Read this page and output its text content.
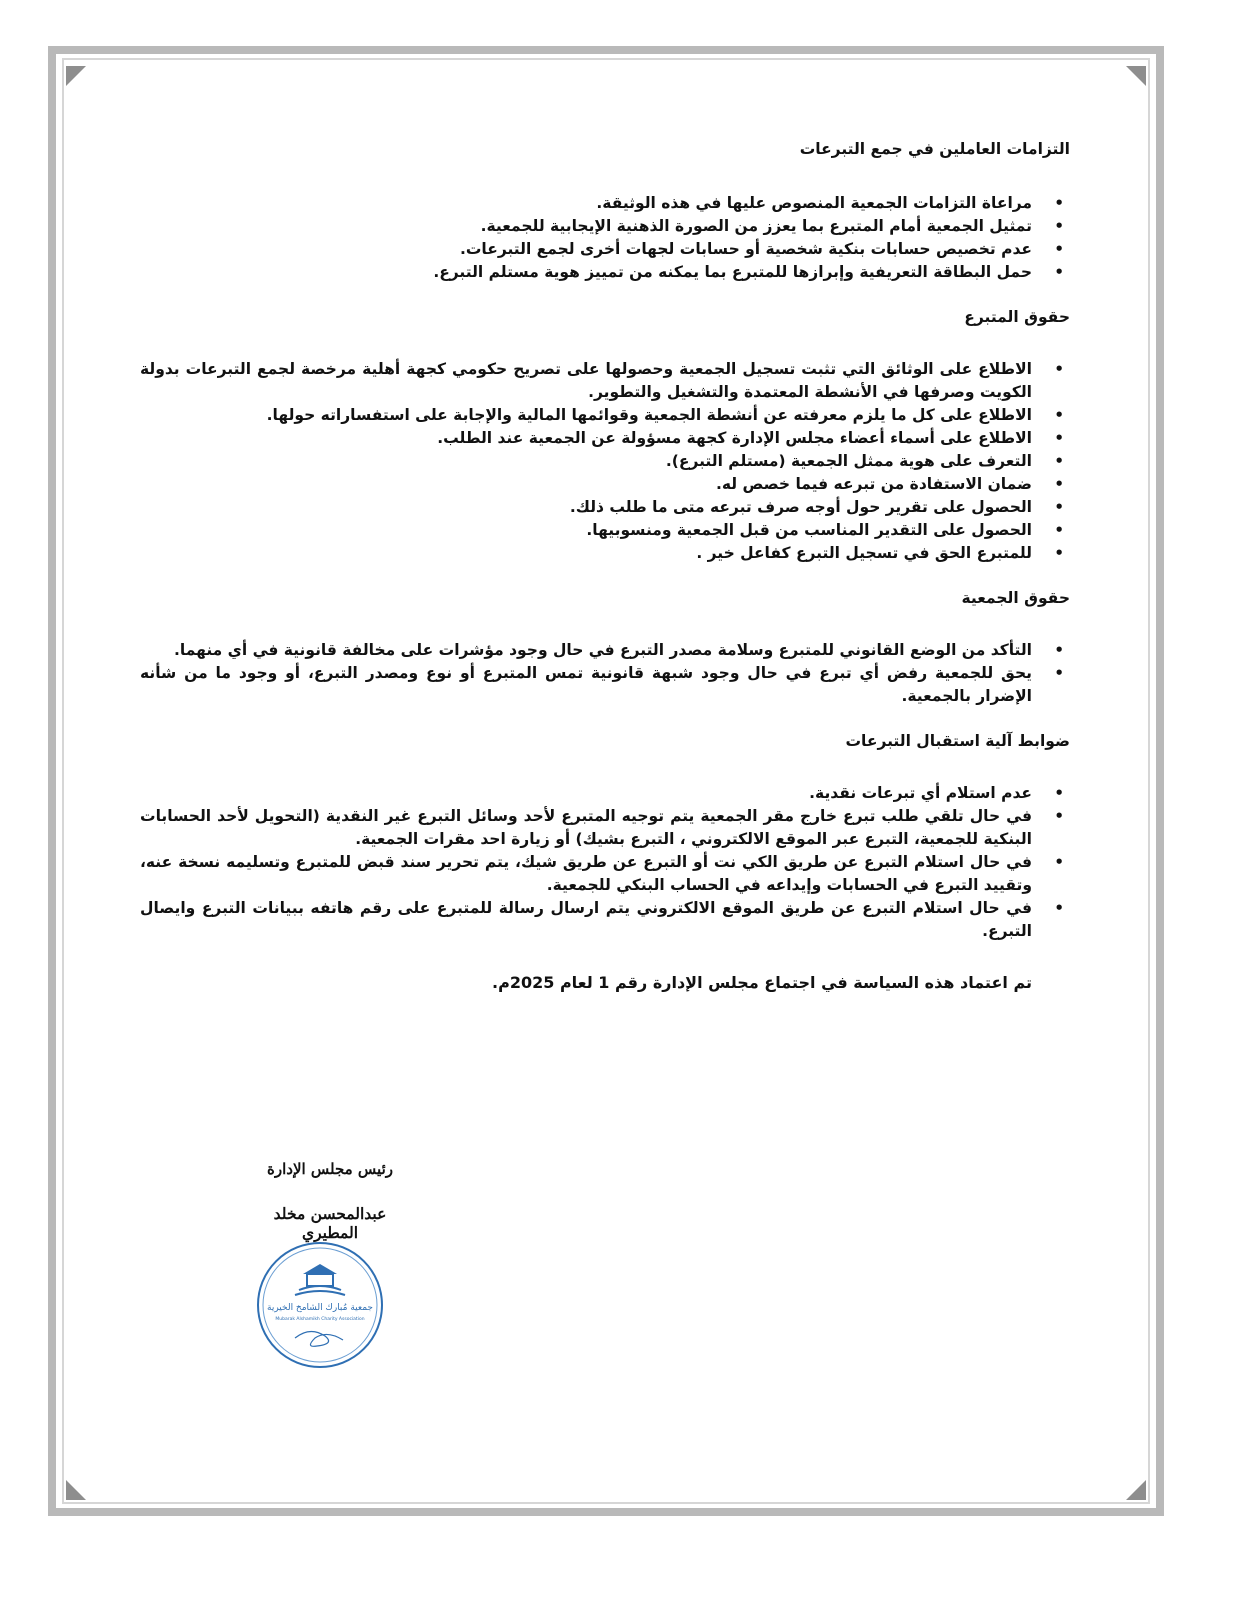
التزامات العاملين في جمع التبرعات
• مراعاة التزامات الجمعية المنصوص عليها في هذه الوثيقة.
• تمثيل الجمعية أمام المتبرع بما يعزز من الصورة الذهنية الإيجابية للجمعية.
• عدم تخصيص حسابات بنكية شخصية أو حسابات لجهات أخرى لجمع التبرعات.
• حمل البطاقة التعريفية وإبرازها للمتبرع بما يمكنه من تمييز هوية مستلم التبرع.
حقوق المتبرع
• الاطلاع على الوثائق التي تثبت تسجيل الجمعية وحصولها على تصريح حكومي كجهة أهلية مرخصة لجمع التبرعات بدولة الكويت وصرفها في الأنشطة المعتمدة والتشغيل والتطوير.
• الاطلاع على كل ما يلزم معرفته عن أنشطة الجمعية وقوائمها المالية والإجابة على استفساراته حولها.
• الاطلاع على أسماء أعضاء مجلس الإدارة كجهة مسؤولة عن الجمعية عند الطلب.
• التعرف على هوية ممثل الجمعية (مستلم التبرع).
• ضمان الاستفادة من تبرعه فيما خصص له.
• الحصول على تقرير حول أوجه صرف تبرعه متى ما طلب ذلك.
• الحصول على التقدير المناسب من قبل الجمعية ومنسوبيها.
• للمتبرع الحق في تسجيل التبرع كفاعل خير .
حقوق الجمعية
• التأكد من الوضع القانوني للمتبرع وسلامة مصدر التبرع في حال وجود مؤشرات على مخالفة قانونية في أي منهما.
• يحق للجمعية رفض أي تبرع في حال وجود شبهة قانونية تمس المتبرع أو نوع ومصدر التبرع، أو وجود ما من شأنه الإضرار بالجمعية.
ضوابط آلية استقبال التبرعات
• عدم استلام أي تبرعات نقدية.
• في حال تلقي طلب تبرع خارج مقر الجمعية يتم توجيه المتبرع لأحد وسائل التبرع غير النقدية (التحويل لأحد الحسابات البنكية للجمعية، التبرع عبر الموقع الالكتروني ، التبرع بشيك) أو زيارة احد مقرات الجمعية.
• في حال استلام التبرع عن طريق الكي نت أو التبرع عن طريق شيك، يتم تحرير سند قبض للمتبرع وتسليمه نسخة عنه، وتقييد التبرع في الحسابات وإيداعه في الحساب البنكي للجمعية.
• في حال استلام التبرع عن طريق الموقع الالكتروني يتم ارسال رسالة للمتبرع على رقم هاتفه ببيانات التبرع وايصال التبرع.

تم اعتماد هذه السياسة في اجتماع مجلس الإدارة رقم 1 لعام 2025م.

رئيس مجلس الإدارة

عبدالمحسن مخلد المطيري

جمعية مُبارك الشامخ الخيرية
Mubarak Alshamikh Charity Association
